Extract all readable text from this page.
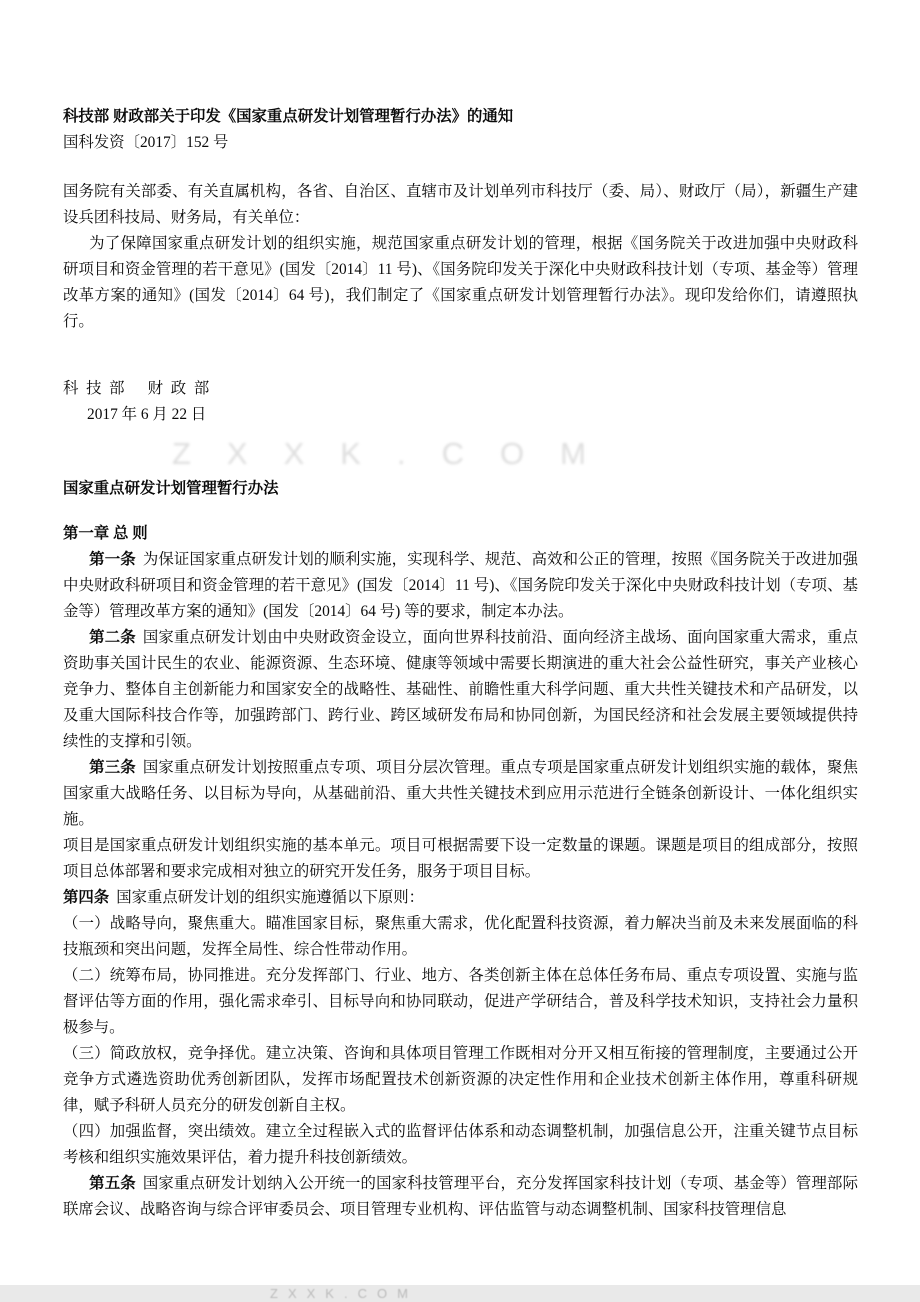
ZXXK.COM
科技部 财政部关于印发《国家重点研发计划管理暂行办法》的通知

国科发资〔2017〕152 号

国务院有关部委、有关直属机构，各省、自治区、直辖市及计划单列市科技厅（委、局）、财政厅（局），新疆生产建设兵团科技局、财务局，有关单位：

为了保障国家重点研发计划的组织实施，规范国家重点研发计划的管理，根据《国务院关于改进加强中央财政科研项目和资金管理的若干意见》(国发〔2014〕11 号)、《国务院印发关于深化中央财政科技计划（专项、基金等）管理改革方案的通知》(国发〔2014〕64 号)，我们制定了《国家重点研发计划管理暂行办法》。现印发给你们，请遵照执行。

科  技  部      财  政  部

2017 年 6 月 22 日

国家重点研发计划管理暂行办法
第一章 总 则

第一条 为保证国家重点研发计划的顺利实施，实现科学、规范、高效和公正的管理，按照《国务院关于改进加强中央财政科研项目和资金管理的若干意见》(国发〔2014〕11 号)、《国务院印发关于深化中央财政科技计划（专项、基金等）管理改革方案的通知》(国发〔2014〕64 号) 等的要求，制定本办法。

第二条 国家重点研发计划由中央财政资金设立，面向世界科技前沿、面向经济主战场、面向国家重大需求，重点资助事关国计民生的农业、能源资源、生态环境、健康等领域中需要长期演进的重大社会公益性研究，事关产业核心竞争力、整体自主创新能力和国家安全的战略性、基础性、前瞻性重大科学问题、重大共性关键技术和产品研发，以及重大国际科技合作等，加强跨部门、跨行业、跨区域研发布局和协同创新，为国民经济和社会发展主要领域提供持续性的支撑和引领。

第三条 国家重点研发计划按照重点专项、项目分层次管理。重点专项是国家重点研发计划组织实施的载体，聚焦国家重大战略任务、以目标为导向，从基础前沿、重大共性关键技术到应用示范进行全链条创新设计、一体化组织实施。

项目是国家重点研发计划组织实施的基本单元。项目可根据需要下设一定数量的课题。课题是项目的组成部分，按照项目总体部署和要求完成相对独立的研究开发任务，服务于项目目标。

第四条 国家重点研发计划的组织实施遵循以下原则：

（一）战略导向，聚焦重大。瞄准国家目标，聚焦重大需求，优化配置科技资源，着力解决当前及未来发展面临的科技瓶颈和突出问题，发挥全局性、综合性带动作用。

（二）统筹布局，协同推进。充分发挥部门、行业、地方、各类创新主体在总体任务布局、重点专项设置、实施与监督评估等方面的作用，强化需求牵引、目标导向和协同联动，促进产学研结合，普及科学技术知识，支持社会力量积极参与。

（三）简政放权，竞争择优。建立决策、咨询和具体项目管理工作既相对分开又相互衔接的管理制度，主要通过公开竞争方式遴选资助优秀创新团队，发挥市场配置技术创新资源的决定性作用和企业技术创新主体作用，尊重科研规律，赋予科研人员充分的研发创新自主权。

（四）加强监督，突出绩效。建立全过程嵌入式的监督评估体系和动态调整机制，加强信息公开，注重关键节点目标考核和组织实施效果评估，着力提升科技创新绩效。

第五条 国家重点研发计划纳入公开统一的国家科技管理平台，充分发挥国家科技计划（专项、基金等）管理部际联席会议、战略咨询与综合评审委员会、项目管理专业机构、评估监管与动态调整机制、国家科技管理信息

ZXXK.COM
